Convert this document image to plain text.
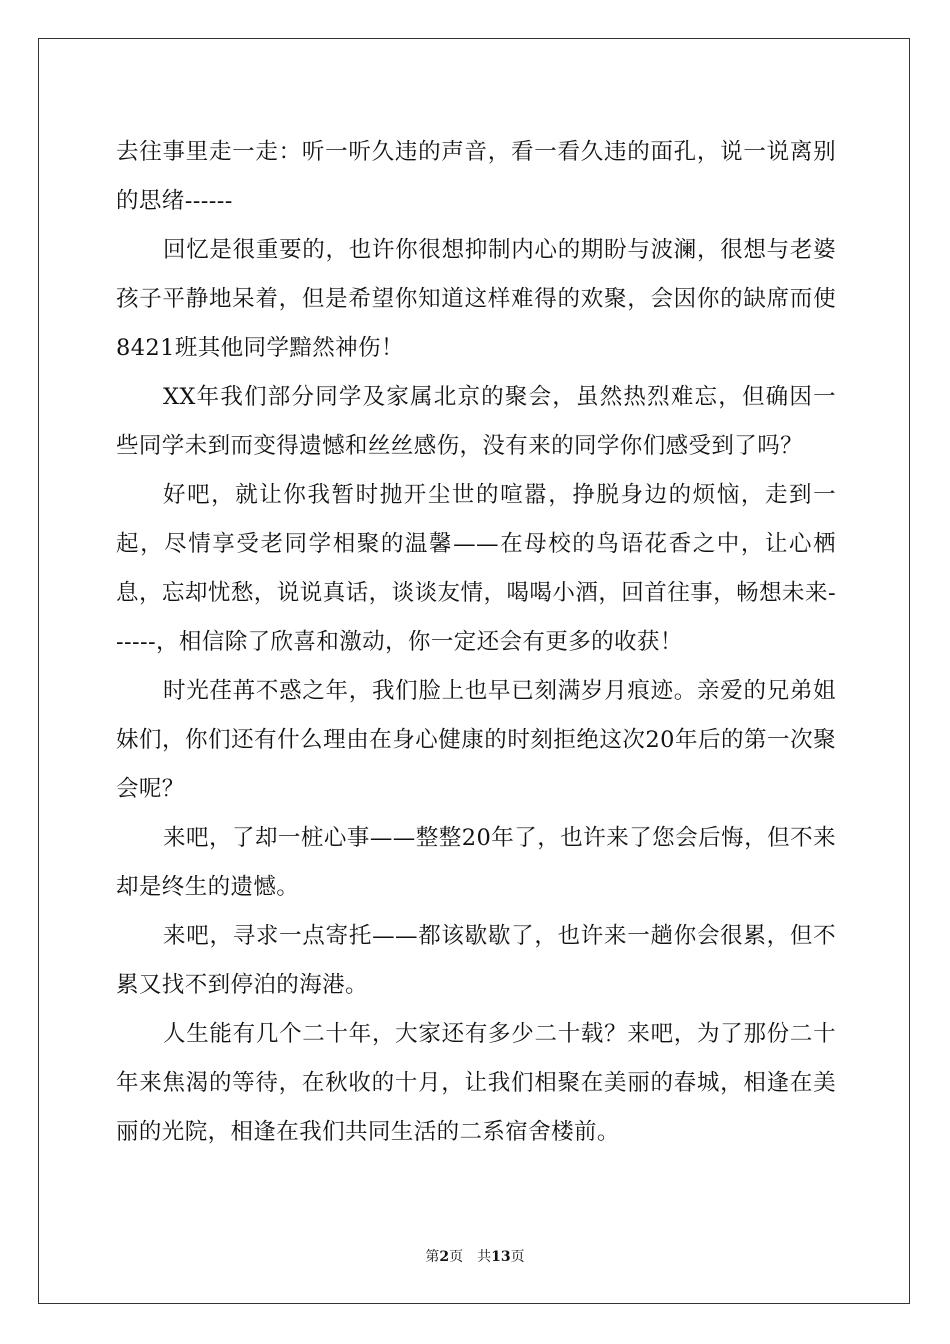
去往事里走一走：听一听久违的声音，看一看久违的面孔，说一说离别的思绪------

回忆是很重要的，也许你很想抑制内心的期盼与波澜，很想与老婆孩子平静地呆着，但是希望你知道这样难得的欢聚，会因你的缺席而使8421班其他同学黯然神伤！

XX年我们部分同学及家属北京的聚会，虽然热烈难忘，但确因一些同学未到而变得遗憾和丝丝感伤，没有来的同学你们感受到了吗？

好吧，就让你我暂时抛开尘世的喧嚣，挣脱身边的烦恼，走到一起，尽情享受老同学相聚的温馨——在母校的鸟语花香之中，让心栖息，忘却忧愁，说说真话，谈谈友情，喝喝小酒，回首往事，畅想未来------，相信除了欣喜和激动，你一定还会有更多的收获！

时光荏苒不惑之年，我们脸上也早已刻满岁月痕迹。亲爱的兄弟姐妹们，你们还有什么理由在身心健康的时刻拒绝这次20年后的第一次聚会呢？

来吧，了却一桩心事——整整20年了，也许来了您会后悔，但不来却是终生的遗憾。

来吧，寻求一点寄托——都该歇歇了，也许来一趟你会很累，但不累又找不到停泊的海港。

人生能有几个二十年，大家还有多少二十载？来吧，为了那份二十年来焦渴的等待，在秋收的十月，让我们相聚在美丽的春城，相逢在美丽的光院，相逢在我们共同生活的二系宿舍楼前。

第2页 共13页
